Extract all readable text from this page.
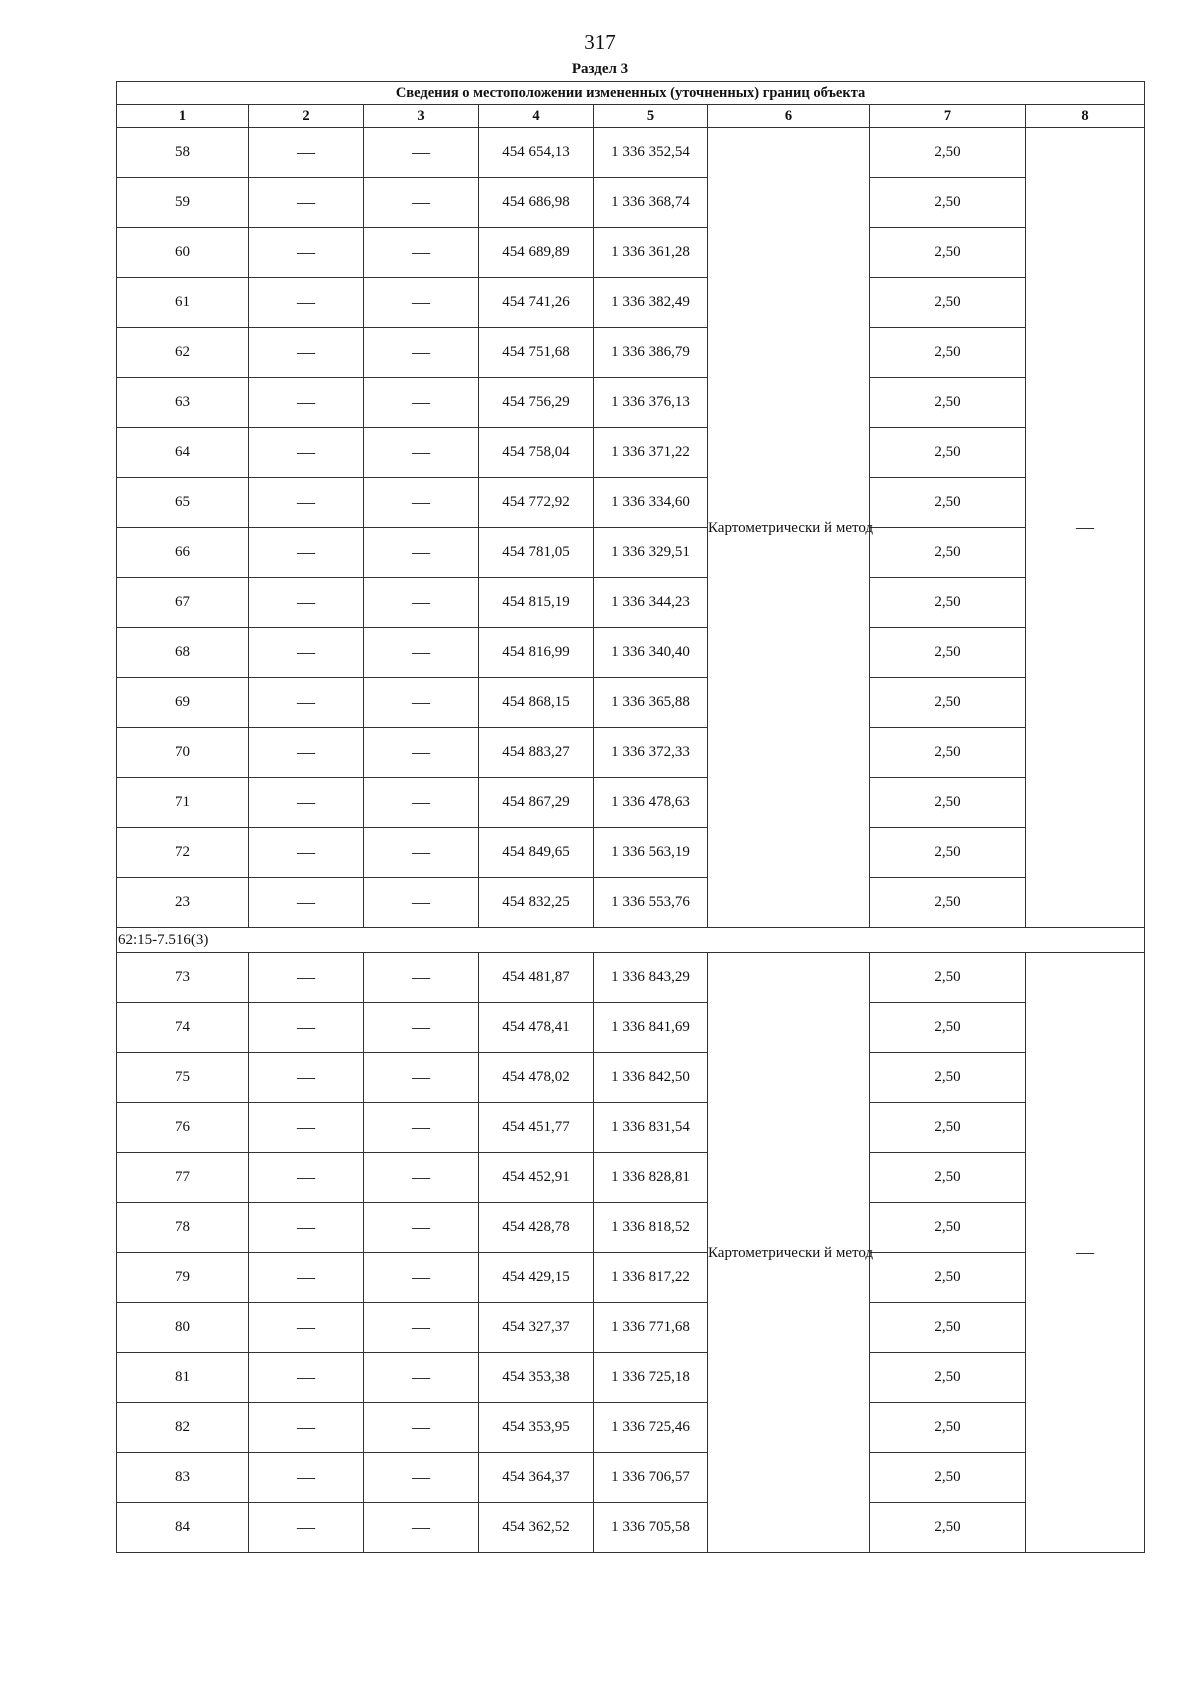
317
Раздел 3
Сведения о местоположении измененных (уточненных) границ объекта							
1	2	3	4	5	6	7	8
58	—	—	454 654,13	1 336 352,54	Картометрически й метод	2,50	—
59	—	—	454 686,98	1 336 368,74		2,50	
60	—	—	454 689,89	1 336 361,28		2,50	
61	—	—	454 741,26	1 336 382,49		2,50	
62	—	—	454 751,68	1 336 386,79		2,50	
63	—	—	454 756,29	1 336 376,13		2,50	
64	—	—	454 758,04	1 336 371,22		2,50	
65	—	—	454 772,92	1 336 334,60		2,50	
66	—	—	454 781,05	1 336 329,51		2,50	
67	—	—	454 815,19	1 336 344,23		2,50	
68	—	—	454 816,99	1 336 340,40		2,50	
69	—	—	454 868,15	1 336 365,88		2,50	
70	—	—	454 883,27	1 336 372,33		2,50	
71	—	—	454 867,29	1 336 478,63		2,50	
72	—	—	454 849,65	1 336 563,19		2,50	
23	—	—	454 832,25	1 336 553,76		2,50	
62:15-7.516(3)							
73	—	—	454 481,87	1 336 843,29	Картометрически й метод	2,50	—
74	—	—	454 478,41	1 336 841,69		2,50	
75	—	—	454 478,02	1 336 842,50		2,50	
76	—	—	454 451,77	1 336 831,54		2,50	
77	—	—	454 452,91	1 336 828,81		2,50	
78	—	—	454 428,78	1 336 818,52		2,50	
79	—	—	454 429,15	1 336 817,22		2,50	
80	—	—	454 327,37	1 336 771,68		2,50	
81	—	—	454 353,38	1 336 725,18		2,50	
82	—	—	454 353,95	1 336 725,46		2,50	
83	—	—	454 364,37	1 336 706,57		2,50	
84	—	—	454 362,52	1 336 705,58		2,50	
